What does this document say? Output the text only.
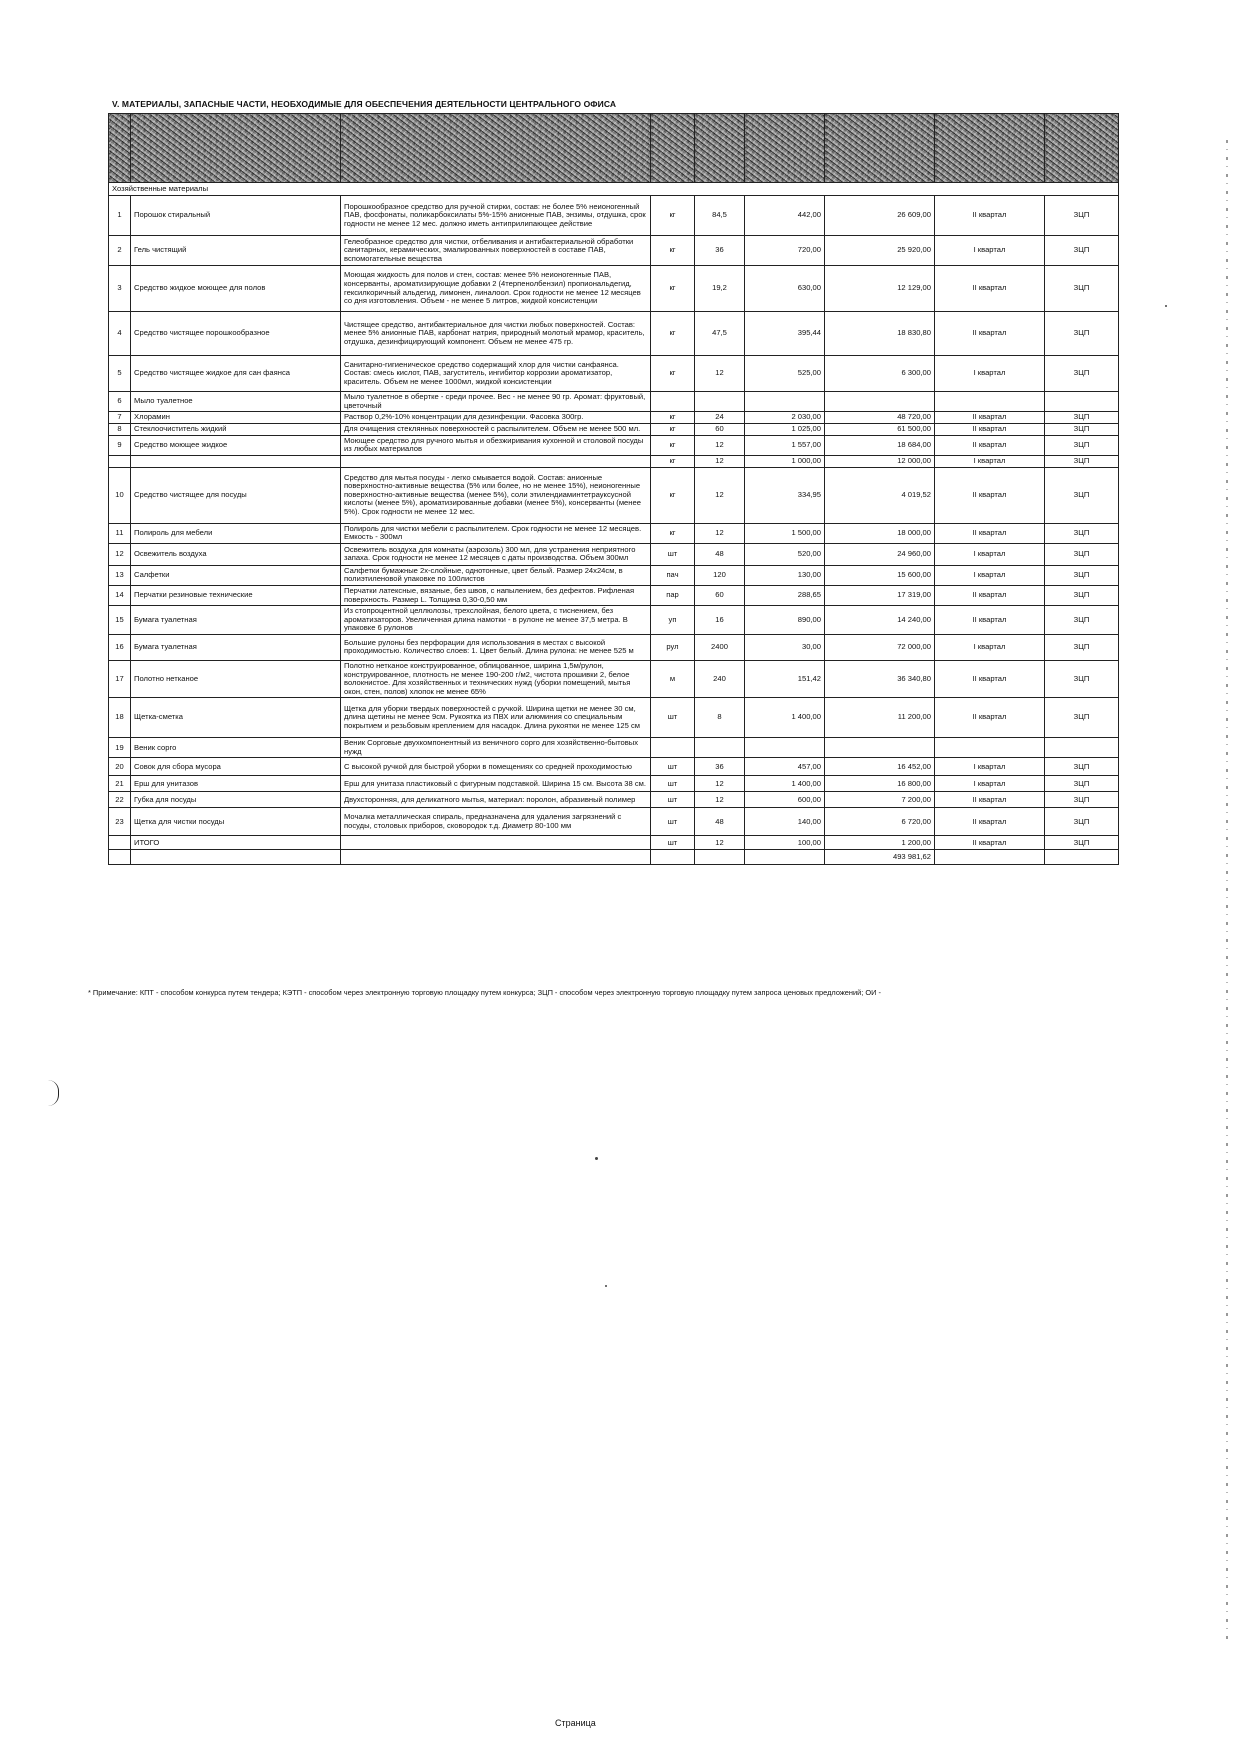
V. МАТЕРИАЛЫ, ЗАПАСНЫЕ ЧАСТИ, НЕОБХОДИМЫЕ ДЛЯ ОБЕСПЕЧЕНИЯ ДЕЯТЕЛЬНОСТИ ЦЕНТРАЛЬНОГО ОФИСА

Хозяйственные материалы								
1	Порошок стиральный	Порошкообразное средство для ручной стирки, состав: не более 5% неионогенный ПАВ, фосфонаты, поликарбоксилаты 5%-15% анионные ПАВ, энзимы, отдушка, срок годности не менее 12 мес. должно иметь антиприлипающее действие	кг	84,5	442,00	26 609,00	II квартал	ЗЦП
2	Гель чистящий	Гелеобразное средство для чистки, отбеливания и антибактериальной обработки санитарных, керамических, эмалированных поверхностей в составе ПАВ, вспомогательные вещества	кг	36	720,00	25 920,00	I квартал	ЗЦП
3	Средство жидкое моющее для полов	Моющая жидкость для полов и стен, состав: менее 5% неионогенные ПАВ, консерванты, ароматизирующие добавки 2 (4терпенолбензил) пропиональдегид, гексилкоричный альдегид, лимонен, линалоол. Срок годности не менее 12 месяцев со дня изготовления. Объем - не менее 5 литров, жидкой консистенции	кг	19,2	630,00	12 129,00	II квартал	ЗЦП
4	Средство чистящее порошкообразное	Чистящее средство, антибактериальное для чистки любых поверхностей. Состав: менее 5% анионные ПАВ, карбонат натрия, природный молотый мрамор, краситель, отдушка, дезинфицирующий компонент. Объем не менее 475 гр.	кг	47,5	395,44	18 830,80	II квартал	ЗЦП
5	Средство чистящее жидкое для сан фаянса	Санитарно-гигиеническое средство содержащий хлор для чистки санфаянса. Состав: смесь кислот, ПАВ, загуститель, ингибитор коррозии ароматизатор, краситель. Объем не менее 1000мл, жидкой консистенции	кг	12	525,00	6 300,00	I квартал	ЗЦП
6	Мыло туалетное	Мыло туалетное в обертке - среди прочее. Вес - не менее 90 гр. Аромат: фруктовый, цветочный						
7	Хлорамин	Раствор 0,2%-10% концентрации для дезинфекции. Фасовка 300гр.	кг	24	2 030,00	48 720,00	II квартал	ЗЦП
8	Стеклоочиститель жидкий	Для очищения стеклянных поверхностей с распылителем. Объем не менее 500 мл.	кг	60	1 025,00	61 500,00	II квартал	ЗЦП
9	Средство моющее жидкое	Моющее средство для ручного мытья и обезжиривания кухонной и столовой посуды из любых материалов	кг	12	1 557,00	18 684,00	II квартал	ЗЦП
			кг	12	1 000,00	12 000,00	I квартал	ЗЦП
10	Средство чистящее для посуды	Средство для мытья посуды - легко смывается водой. Состав: анионные поверхностно-активные вещества (5% или более, но не менее 15%), неионогенные поверхностно-активные вещества (менее 5%), соли этилендиаминтетрауксусной кислоты (менее 5%), ароматизированные добавки (менее 5%), консерванты (менее 5%). Срок годности не менее 12 мес.	кг	12	334,95	4 019,52	II квартал	ЗЦП
11	Полироль для мебели	Полироль для чистки мебели с распылителем. Срок годности не менее 12 месяцев. Емкость - 300мл	кг	12	1 500,00	18 000,00	II квартал	ЗЦП
12	Освежитель воздуха	Освежитель воздуха для комнаты (аэрозоль) 300 мл, для устранения неприятного запаха. Срок годности не менее 12 месяцев с даты производства. Объем 300мл	шт	48	520,00	24 960,00	I квартал	ЗЦП
13	Салфетки	Салфетки бумажные 2х-слойные, однотонные, цвет белый. Размер 24х24см, в полиэтиленовой упаковке по 100листов	пач	120	130,00	15 600,00	I квартал	ЗЦП
14	Перчатки резиновые технические	Перчатки латексные, вязаные, без швов, с напылением, без дефектов. Рифленая поверхность. Размер L. Толщина 0,30-0,50 мм	пар	60	288,65	17 319,00	II квартал	ЗЦП
15	Бумага туалетная	Из стопроцентной целлюлозы, трехслойная, белого цвета, с тиснением, без ароматизаторов. Увеличенная длина намотки - в рулоне не менее 37,5 метра. В упаковке 6 рулонов	уп	16	890,00	14 240,00	II квартал	ЗЦП
16	Бумага туалетная	Большие рулоны без перфорации для использования в местах с высокой проходимостью. Количество слоев: 1. Цвет белый. Длина рулона: не менее 525 м	рул	2400	30,00	72 000,00	I квартал	ЗЦП
17	Полотно нетканое	Полотно нетканое конструированное, облицованное, ширина 1,5м/рулон, конструированное, плотность не менее 190-200 г/м2, чистота прошивки 2, белое волокнистое. Для хозяйственных и технических нужд (уборки помещений, мытья окон, стен, полов) хлопок не менее 65%	м	240	151,42	36 340,80	II квартал	ЗЦП
18	Щетка-сметка	Щетка для уборки твердых поверхностей с ручкой. Ширина щетки не менее 30 см, длина щетины не менее 9см. Рукоятка из ПВХ или алюминия со специальным покрытием и резьбовым креплением для насадок. Длина рукоятки не менее 125 см	шт	8	1 400,00	11 200,00	II квартал	ЗЦП
19	Веник сорго	Веник Сорговые двухкомпонентный из веничного сорго для хозяйственно-бытовых нужд						
20	Совок для сбора мусора	С высокой ручкой для быстрой уборки в помещениях со средней проходимостью	шт	36	457,00	16 452,00	I квартал	ЗЦП
21	Ерш для унитазов	Ерш для унитаза пластиковый с фигурным подставкой. Ширина 15 см. Высота 38 см.	шт	12	1 400,00	16 800,00	I квартал	ЗЦП
22	Губка для посуды	Двухсторонняя, для деликатного мытья, материал: поролон, абразивный полимер	шт	12	600,00	7 200,00	II квартал	ЗЦП
23	Щетка для чистки посуды	Мочалка металлическая спираль, предназначена для удаления загрязнений с посуды, столовых приборов, сковородок т.д. Диаметр 80-100 мм	шт	48	140,00	6 720,00	II квартал	ЗЦП
	ИТОГО		шт	12	100,00	1 200,00	II квартал	ЗЦП
						493 981,62		
* Примечание: КПТ - способом конкурса путем тендера; КЭТП - способом через электронную торговую площадку путем конкурса; ЗЦП - способом через электронную торговую площадку путем запроса ценовых предложений; ОИ -
Страница
